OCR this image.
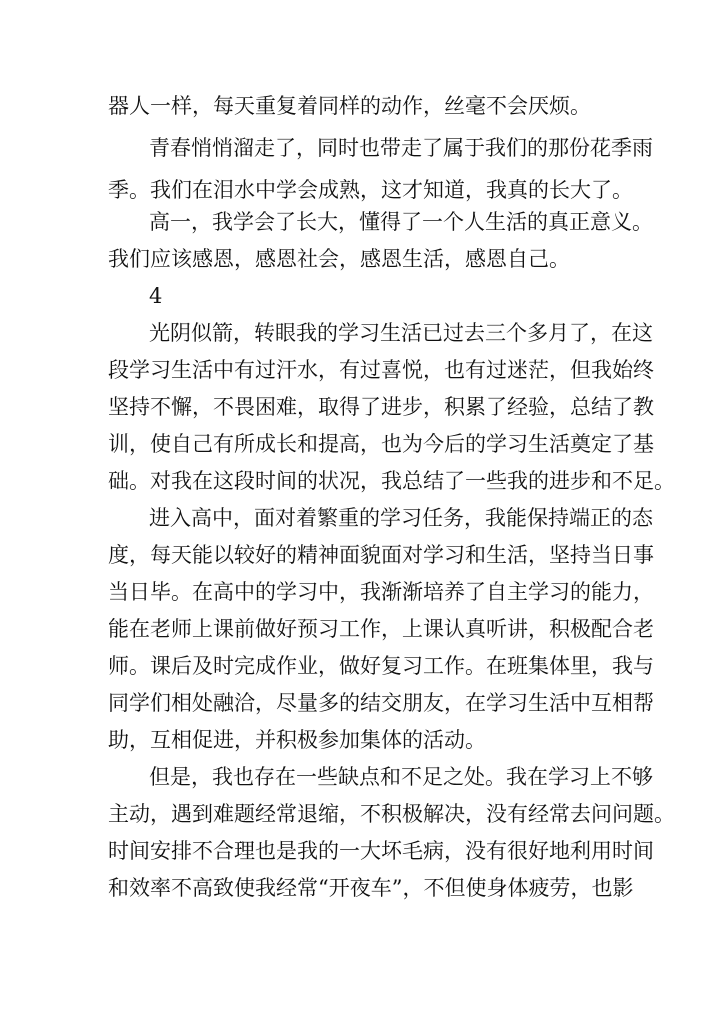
器人一样，每天重复着同样的动作，丝毫不会厌烦。
青春悄悄溜走了，同时也带走了属于我们的那份花季雨
季。我们在泪水中学会成熟，这才知道，我真的长大了。
高一，我学会了长大，懂得了一个人生活的真正意义。
我们应该感恩，感恩社会，感恩生活，感恩自己。
4
光阴似箭，转眼我的学习生活已过去三个多月了，在这
段学习生活中有过汗水，有过喜悦，也有过迷茫，但我始终
坚持不懈，不畏困难，取得了进步，积累了经验，总结了教
训，使自己有所成长和提高，也为今后的学习生活奠定了基
础。对我在这段时间的状况，我总结了一些我的进步和不足。
进入高中，面对着繁重的学习任务，我能保持端正的态
度，每天能以较好的精神面貌面对学习和生活，坚持当日事
当日毕。在高中的学习中，我渐渐培养了自主学习的能力，
能在老师上课前做好预习工作，上课认真听讲，积极配合老
师。课后及时完成作业，做好复习工作。在班集体里，我与
同学们相处融洽，尽量多的结交朋友，在学习生活中互相帮
助，互相促进，并积极参加集体的活动。
但是，我也存在一些缺点和不足之处。我在学习上不够
主动，遇到难题经常退缩，不积极解决，没有经常去问问题。
时间安排不合理也是我的一大坏毛病，没有很好地利用时间
和效率不高致使我经常“开夜车”，不但使身体疲劳，也影
